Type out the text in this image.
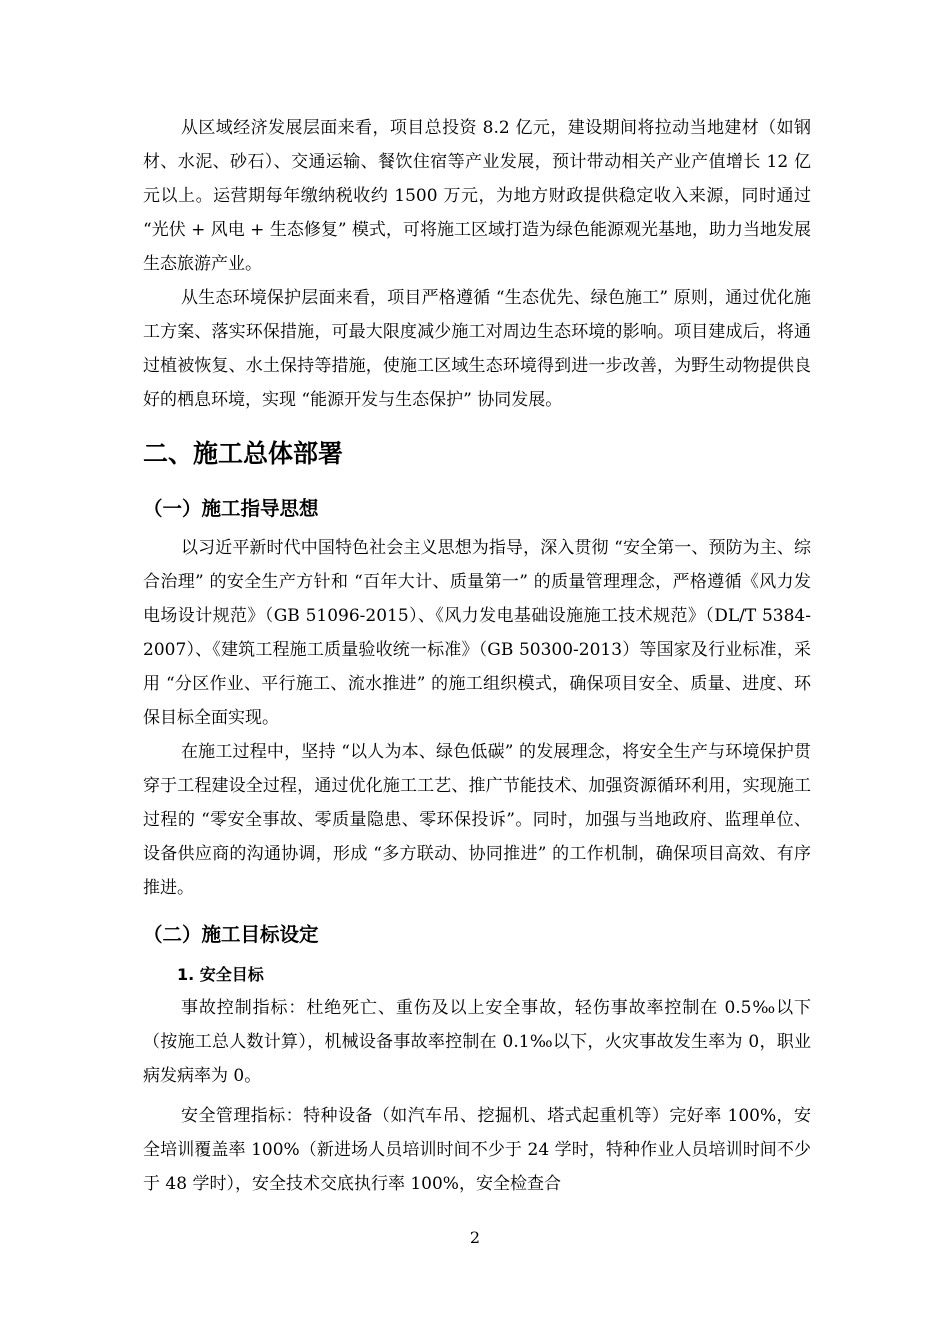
从区域经济发展层面来看，项目总投资 8.2 亿元，建设期间将拉动当地建材（如钢材、水泥、砂石）、交通运输、餐饮住宿等产业发展，预计带动相关产业产值增长 12 亿元以上。运营期每年缴纳税收约 1500 万元，为地方财政提供稳定收入来源，同时通过 “光伏 + 风电 + 生态修复” 模式，可将施工区域打造为绿色能源观光基地，助力当地发展生态旅游产业。

从生态环境保护层面来看，项目严格遵循 “生态优先、绿色施工” 原则，通过优化施工方案、落实环保措施，可最大限度减少施工对周边生态环境的影响。项目建成后，将通过植被恢复、水土保持等措施，使施工区域生态环境得到进一步改善，为野生动物提供良好的栖息环境，实现 “能源开发与生态保护” 协同发展。

二、施工总体部署
（一）施工指导思想

以习近平新时代中国特色社会主义思想为指导，深入贯彻 “安全第一、预防为主、综合治理” 的安全生产方针和 “百年大计、质量第一” 的质量管理理念，严格遵循《风力发电场设计规范》（GB 51096-2015）、《风力发电基础设施施工技术规范》（DL/T 5384-2007）、《建筑工程施工质量验收统一标准》（GB 50300-2013）等国家及行业标准，采用 “分区作业、平行施工、流水推进” 的施工组织模式，确保项目安全、质量、进度、环保目标全面实现。

在施工过程中，坚持 “以人为本、绿色低碳” 的发展理念，将安全生产与环境保护贯穿于工程建设全过程，通过优化施工工艺、推广节能技术、加强资源循环利用，实现施工过程的 “零安全事故、零质量隐患、零环保投诉”。同时，加强与当地政府、监理单位、设备供应商的沟通协调，形成 “多方联动、协同推进” 的工作机制，确保项目高效、有序推进。

（二）施工目标设定
1. 安全目标

事故控制指标：杜绝死亡、重伤及以上安全事故，轻伤事故率控制在 0.5‰以下（按施工总人数计算），机械设备事故率控制在 0.1‰以下，火灾事故发生率为 0，职业病发病率为 0。

安全管理指标：特种设备（如汽车吊、挖掘机、塔式起重机等）完好率 100%，安全培训覆盖率 100%（新进场人员培训时间不少于 24 学时，特种作业人员培训时间不少于 48 学时），安全技术交底执行率 100%，安全检查合

2
